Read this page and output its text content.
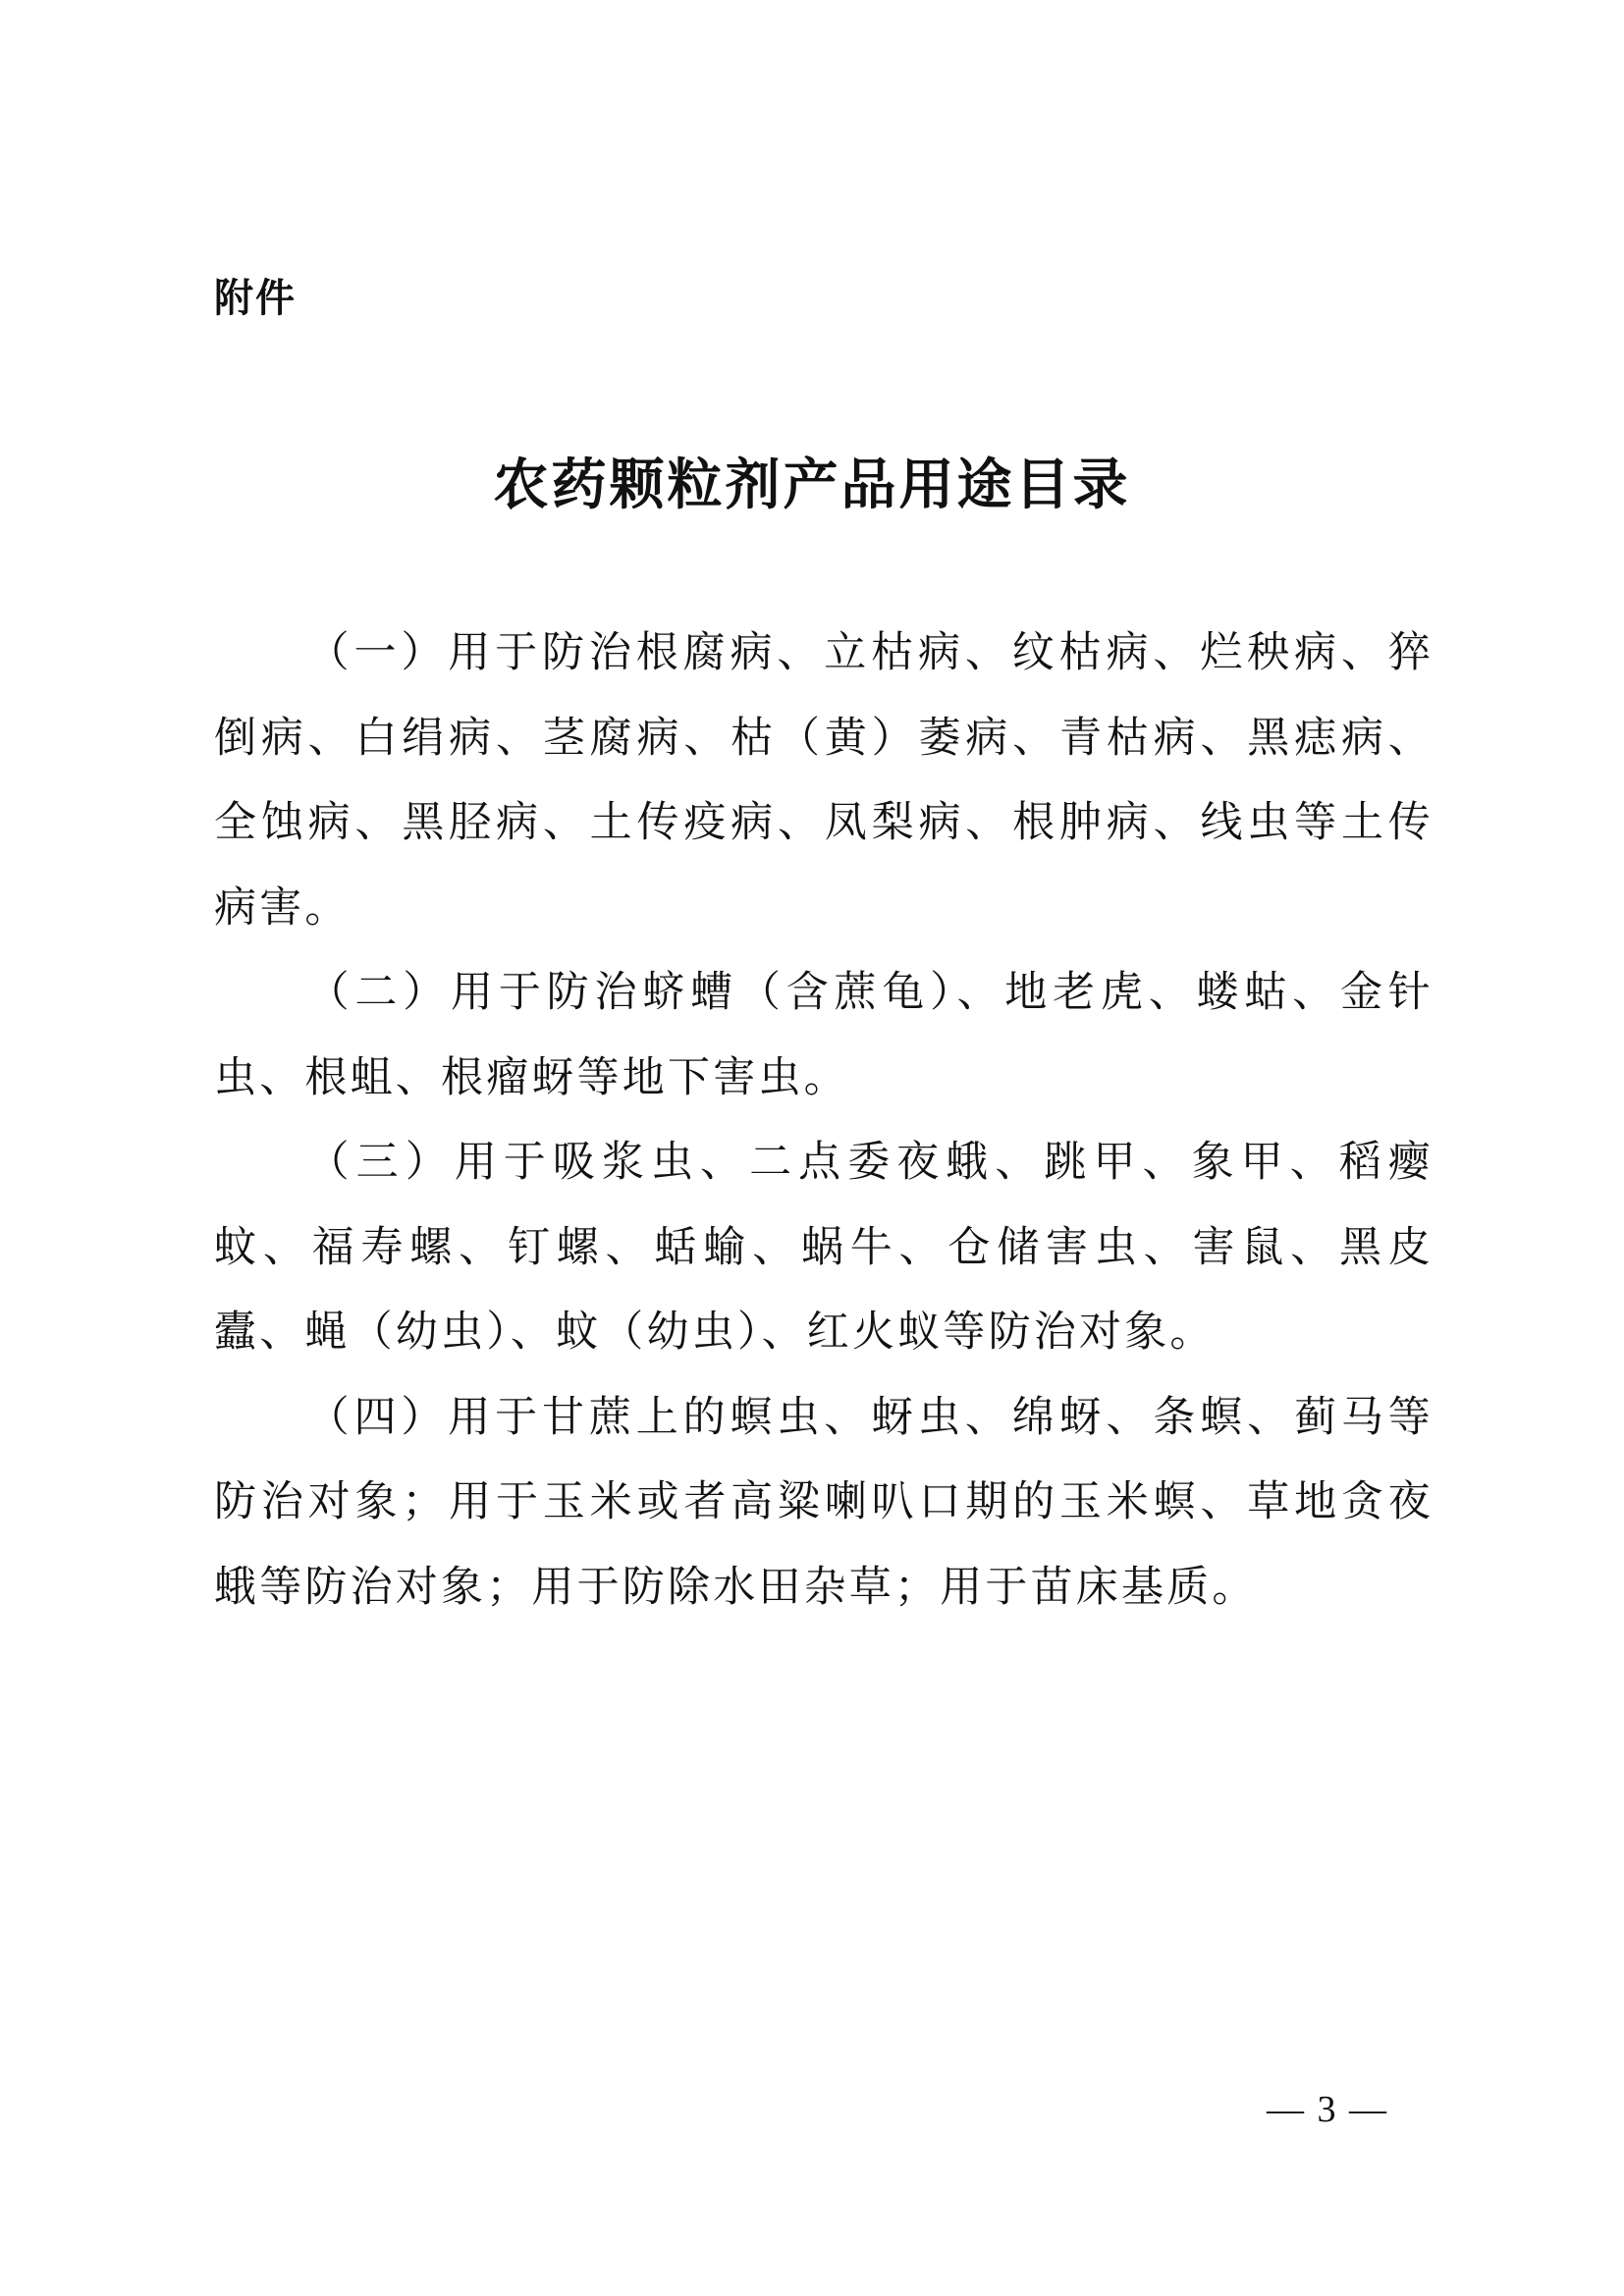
附件
农药颗粒剂产品用途目录

（一）用于防治根腐病、立枯病、纹枯病、烂秧病、猝倒病、白绢病、茎腐病、枯（黄）萎病、青枯病、黑痣病、全蚀病、黑胫病、土传疫病、凤梨病、根肿病、线虫等土传病害。

（二）用于防治蛴螬（含蔗龟）、地老虎、蝼蛄、金针虫、根蛆、根瘤蚜等地下害虫。

（三）用于吸浆虫、二点委夜蛾、跳甲、象甲、稻瘿蚊、福寿螺、钉螺、蛞蝓、蜗牛、仓储害虫、害鼠、黑皮蠹、蝇（幼虫）、蚊（幼虫）、红火蚁等防治对象。

（四）用于甘蔗上的螟虫、蚜虫、绵蚜、条螟、蓟马等防治对象；用于玉米或者高粱喇叭口期的玉米螟、草地贪夜蛾等防治对象；用于防除水田杂草；用于苗床基质。

— 3 —
